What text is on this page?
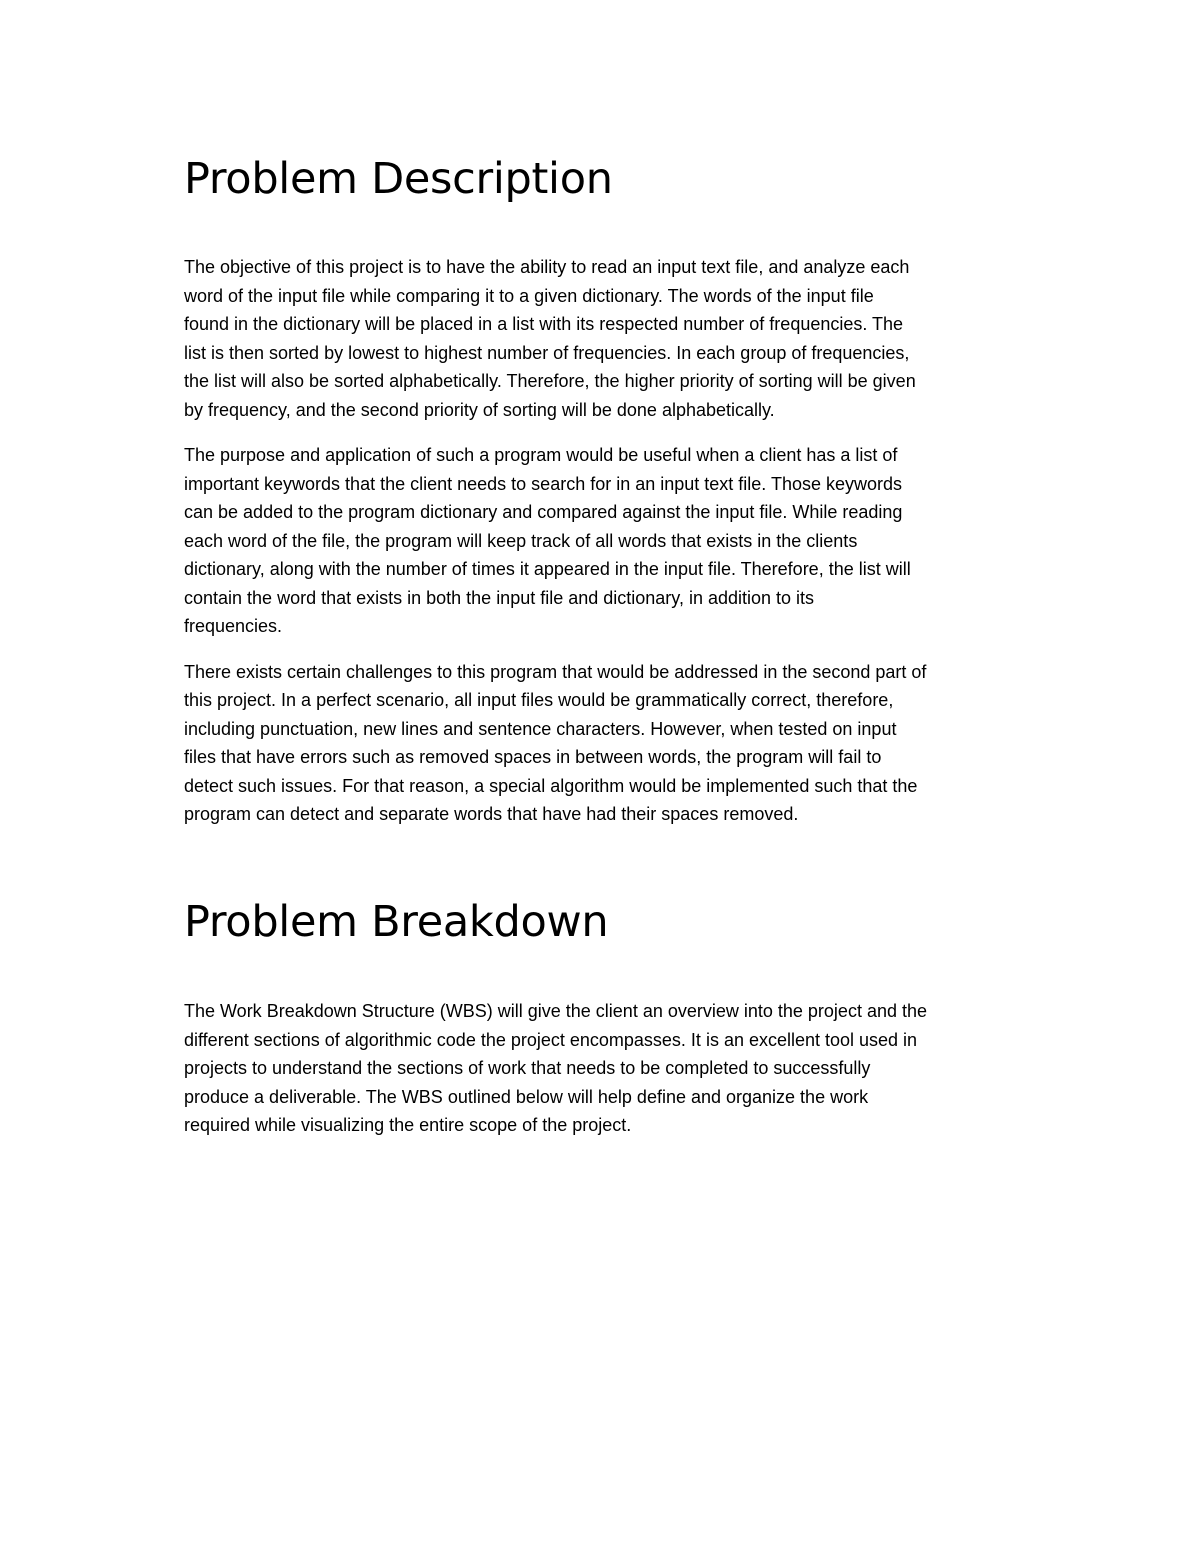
Problem Description

The objective of this project is to have the ability to read an input text file, and analyze each
word of the input file while comparing it to a given dictionary. The words of the input file
found in the dictionary will be placed in a list with its respected number of frequencies. The
list is then sorted by lowest to highest number of frequencies. In each group of frequencies,
the list will also be sorted alphabetically. Therefore, the higher priority of sorting will be given
by frequency, and the second priority of sorting will be done alphabetically.

The purpose and application of such a program would be useful when a client has a list of
important keywords that the client needs to search for in an input text file. Those keywords
can be added to the program dictionary and compared against the input file. While reading
each word of the file, the program will keep track of all words that exists in the clients
dictionary, along with the number of times it appeared in the input file. Therefore, the list will
contain the word that exists in both the input file and dictionary, in addition to its
frequencies.

There exists certain challenges to this program that would be addressed in the second part of
this project. In a perfect scenario, all input files would be grammatically correct, therefore,
including punctuation, new lines and sentence characters. However, when tested on input
files that have errors such as removed spaces in between words, the program will fail to
detect such issues. For that reason, a special algorithm would be implemented such that the
program can detect and separate words that have had their spaces removed.

Problem Breakdown

The Work Breakdown Structure (WBS) will give the client an overview into the project and the
different sections of algorithmic code the project encompasses. It is an excellent tool used in
projects to understand the sections of work that needs to be completed to successfully
produce a deliverable. The WBS outlined below will help define and organize the work
required while visualizing the entire scope of the project.
